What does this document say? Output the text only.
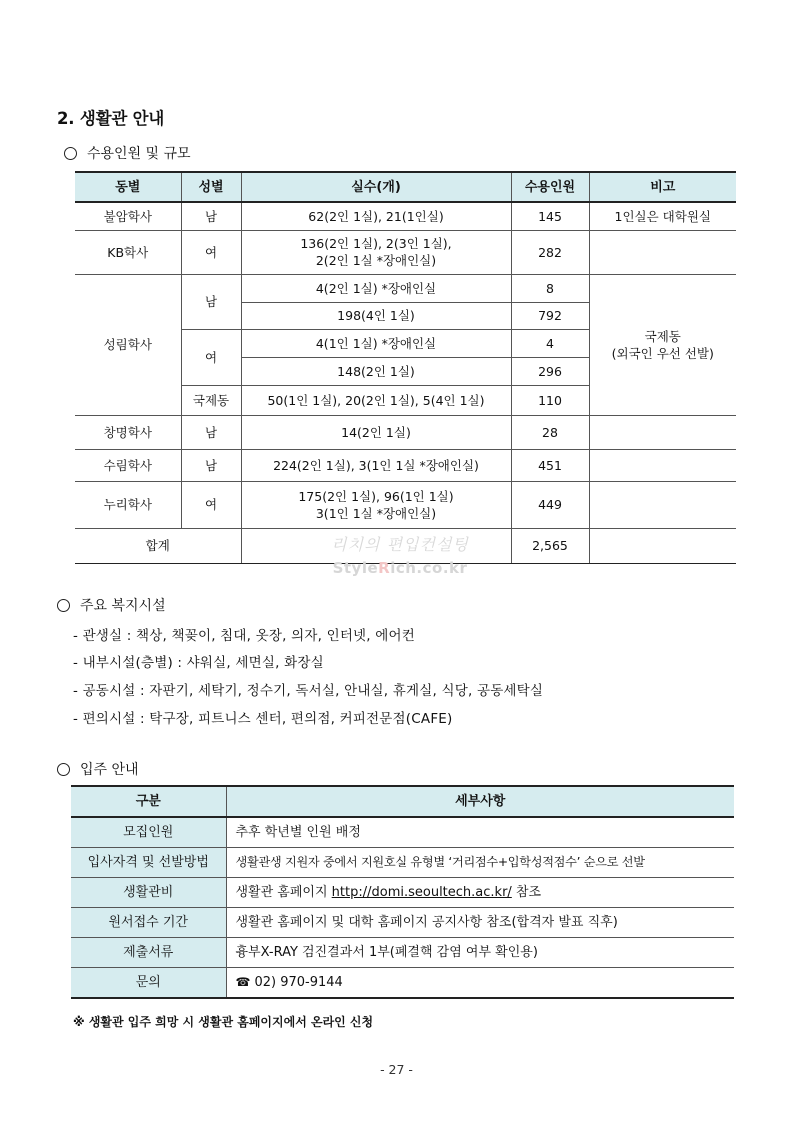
2. 생활관 안내
수용인원 및 규모
동별	성별	실수(개)	수용인원	비고
불암학사	남	62(2인 1실), 21(1인실)	145	1인실은 대학원실
KB학사	여	136(2인 1실), 2(3인 1실),
2(2인 1실 *장애인실)	282	
성림학사	남	4(2인 1실) *장애인실	8	국제동
(외국인 우선 선발)

		198(4인 1실)	792	
	여	4(1인 1실) *장애인실	4	
		148(2인 1실)	296	
	국제동	50(1인 1실), 20(2인 1실), 5(4인 1실)	110	
창명학사	남	14(2인 1실)	28	
수림학사	남	224(2인 1실), 3(1인 1실 *장애인실)	451	
누리학사	여	175(2인 1실), 96(1인 1실)
3(1인 1실 *장애인실)	449	
합계			2,565	
리치의 편입컨설팅
StyleRich.co.kr
주요 복지시설
- 관생실 : 책상, 책꽂이, 침대, 옷장, 의자, 인터넷, 에어컨
- 내부시설(층별) : 샤워실, 세면실, 화장실
- 공동시설 : 자판기, 세탁기, 정수기, 독서실, 안내실, 휴게실, 식당, 공동세탁실
- 편의시설 : 탁구장, 피트니스 센터, 편의점, 커피전문점(CAFE)
입주 안내
구분	세부사항
모집인원	추후 학년별 인원 배정
입사자격 및 선발방법	생활관생 지원자 중에서 지원호실 유형별 ‘거리점수+입학성적점수’ 순으로 선발
생활관비	생활관 홈페이지 http://domi.seoultech.ac.kr/ 참조
원서접수 기간	생활관 홈페이지 및 대학 홈페이지 공지사항 참조(합격자 발표 직후)
제출서류	흉부X-RAY 검진결과서 1부(폐결핵 감염 여부 확인용)
문의	☎ 02) 970-9144
※ 생활관 입주 희망 시 생활관 홈페이지에서 온라인 신청
- 27 -
